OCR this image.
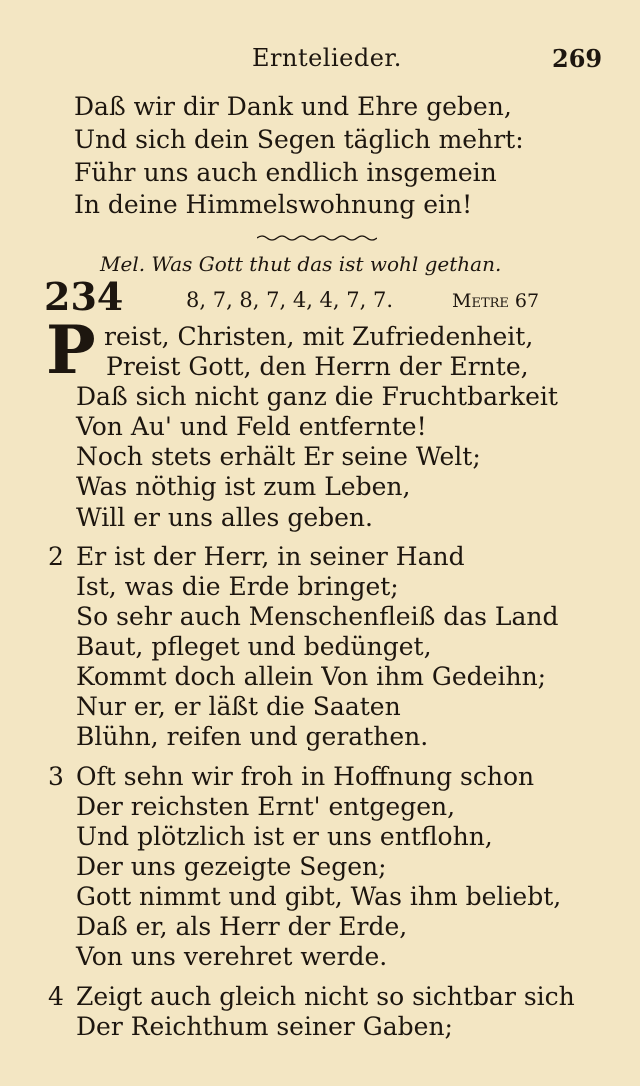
Erntelieder.	269
Daß wir dir Dank und Ehre geben,
Und sich dein Segen täglich mehrt:
Führ uns auch endlich insgemein
In deine Himmelswohnung ein!
Mel. Was Gott thut das ist wohl gethan.
234	8, 7, 8, 7, 4, 4, 7, 7.	Metre 67
P reist, Christen, mit Zufriedenheit,
Preist Gott, den Herrn der Ernte,
Daß sich nicht ganz die Fruchtbarkeit
Von Au' und Feld entfernte!
Noch stets erhält Er seine Welt;
Was nöthig ist zum Leben,
Will er uns alles geben.
2 Er ist der Herr, in seiner Hand
Ist, was die Erde bringet;
So sehr auch Menschenfleiß das Land
Baut, pfleget und bedünget,
Kommt doch allein Von ihm Gedeihn;
Nur er, er läßt die Saaten
Blühn, reifen und gerathen.
3 Oft sehn wir froh in Hoffnung schon
Der reichsten Ernt' entgegen,
Und plötzlich ist er uns entflohn,
Der uns gezeigte Segen;
Gott nimmt und gibt, Was ihm beliebt,
Daß er, als Herr der Erde,
Von uns verehret werde.
4 Zeigt auch gleich nicht so sichtbar sich
Der Reichthum seiner Gaben;
